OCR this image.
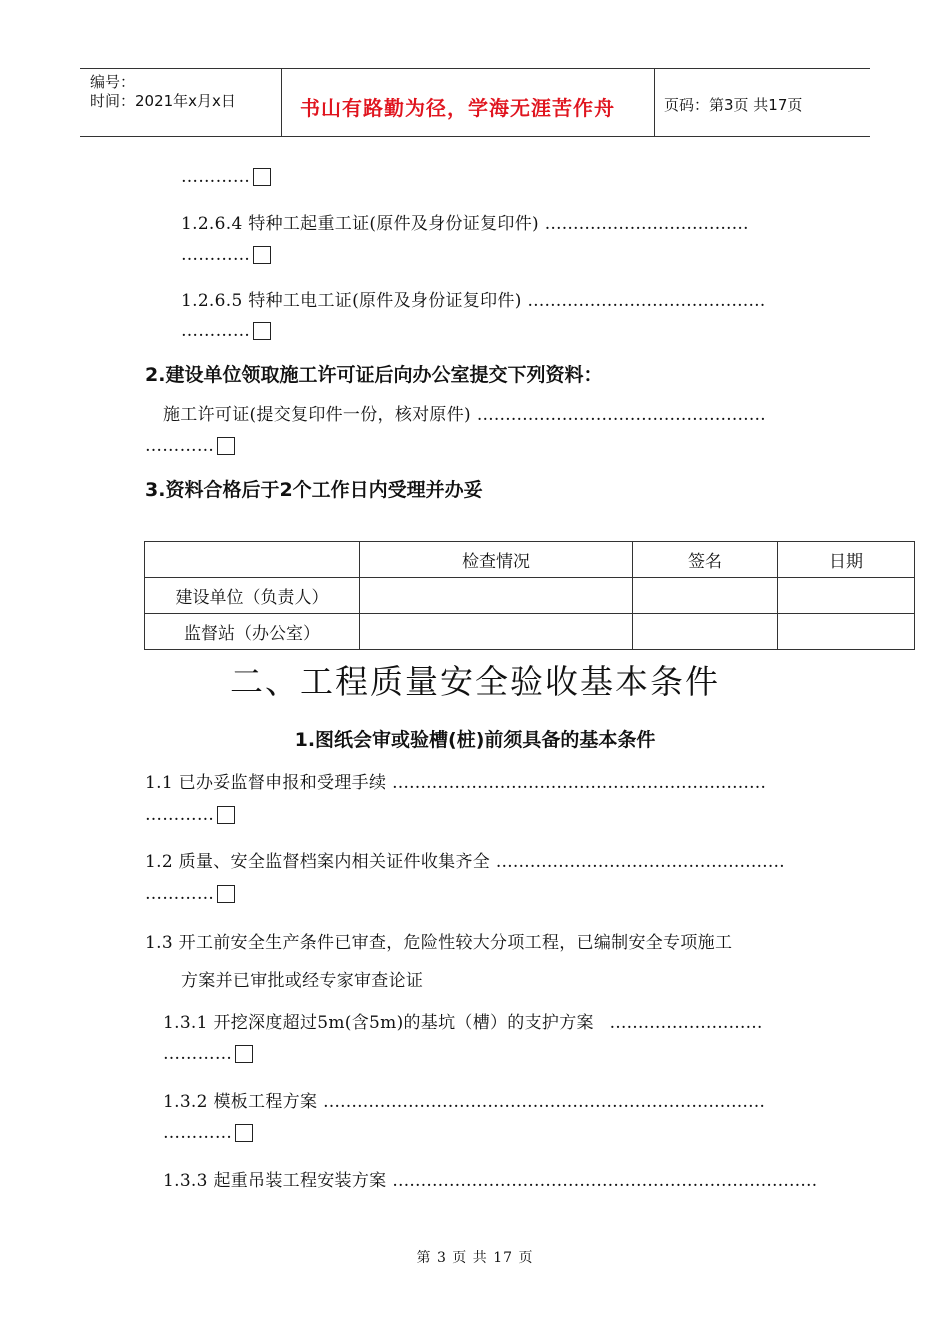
编号：
时间：2021年x月x日	书山有路勤为径，学海无涯苦作舟	页码：第3页 共17页
…………
1.2.6.4 特种工起重工证(原件及身份证复印件) ………………………………
…………
1.2.6.5 特种工电工证(原件及身份证复印件) ……………………………………
…………
2.建设单位领取施工许可证后向办公室提交下列资料：
施工许可证(提交复印件一份，核对原件) ……………………………………………
…………
3.资料合格后于2个工作日内受理并办妥
	检查情况	签名	日期
建设单位（负责人）			
监督站（办公室）			
二、工程质量安全验收基本条件
1.图纸会审或验槽(桩)前须具备的基本条件
1.1 已办妥监督申报和受理手续 …………………………………………………………
…………
1.2 质量、安全监督档案内相关证件收集齐全 ……………………………………………
…………
1.3 开工前安全生产条件已审查，危险性较大分项工程，已编制安全专项施工
方案并已审批或经专家审查论证
1.3.1 开挖深度超过5m(含5m)的基坑（槽）的支护方案 ………………………
…………
1.3.2 模板工程方案 ……………………………………………………………………
…………
1.3.3 起重吊装工程安装方案 …………………………………………………………………
第 3 页 共 17 页
